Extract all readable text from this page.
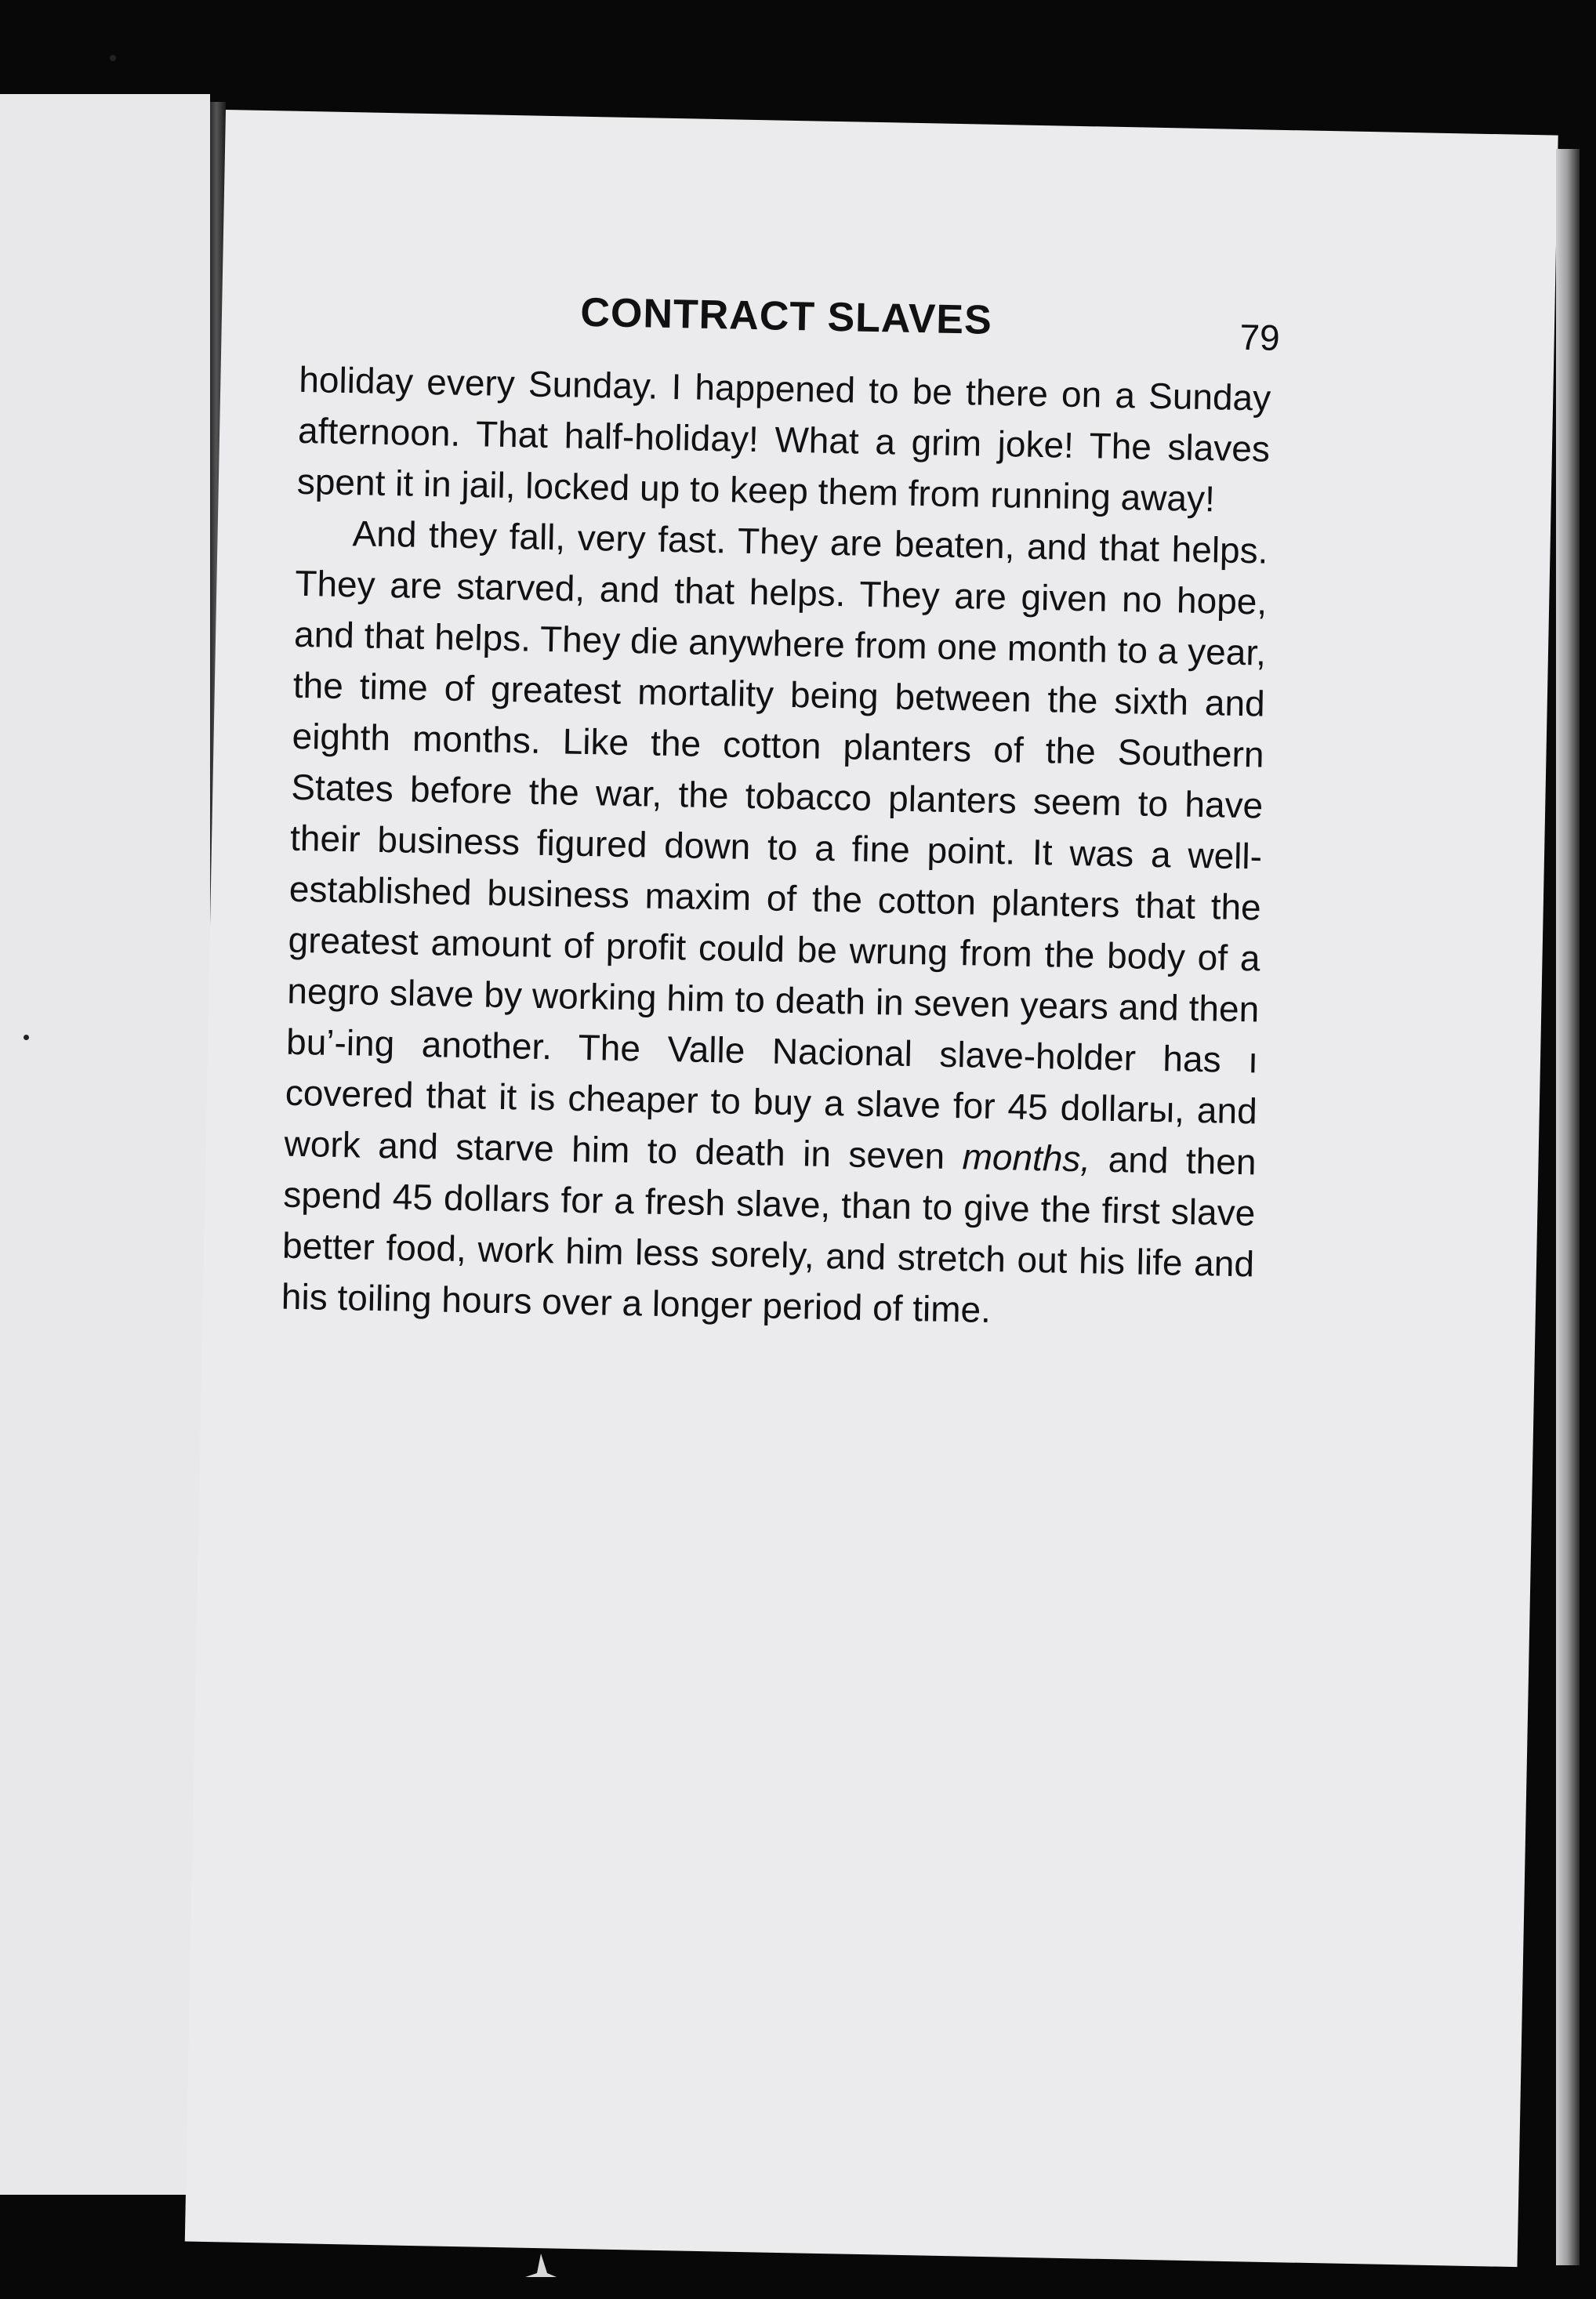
CONTRACT SLAVES	79

holiday every Sunday. I happened to be there on a Sunday afternoon. That half-holiday! What a grim joke! The slaves spent it in jail, locked up to keep them from running away!

And they fall, very fast. They are beaten, and that helps. They are starved, and that helps. They are given no hope, and that helps. They die anywhere from one month to a year, the time of greatest mortality being between the sixth and eighth months. Like the cotton planters of the Southern States before the war, the tobacco planters seem to have their business figured down to a fine point. It was a well-established business maxim of the cotton planters that the greatest amount of profit could be wrung from the body of a negro slave by working him to death in seven years and then bu’-ing another. The Valle Nacional slave-holder has ı covered that it is cheaper to buy a slave for 45 dollarы, and work and starve him to death in seven months, and then spend 45 dollars for a fresh slave, than to give the first slave better food, work him less sorely, and stretch out his life and his toiling hours over a longer period of time.
